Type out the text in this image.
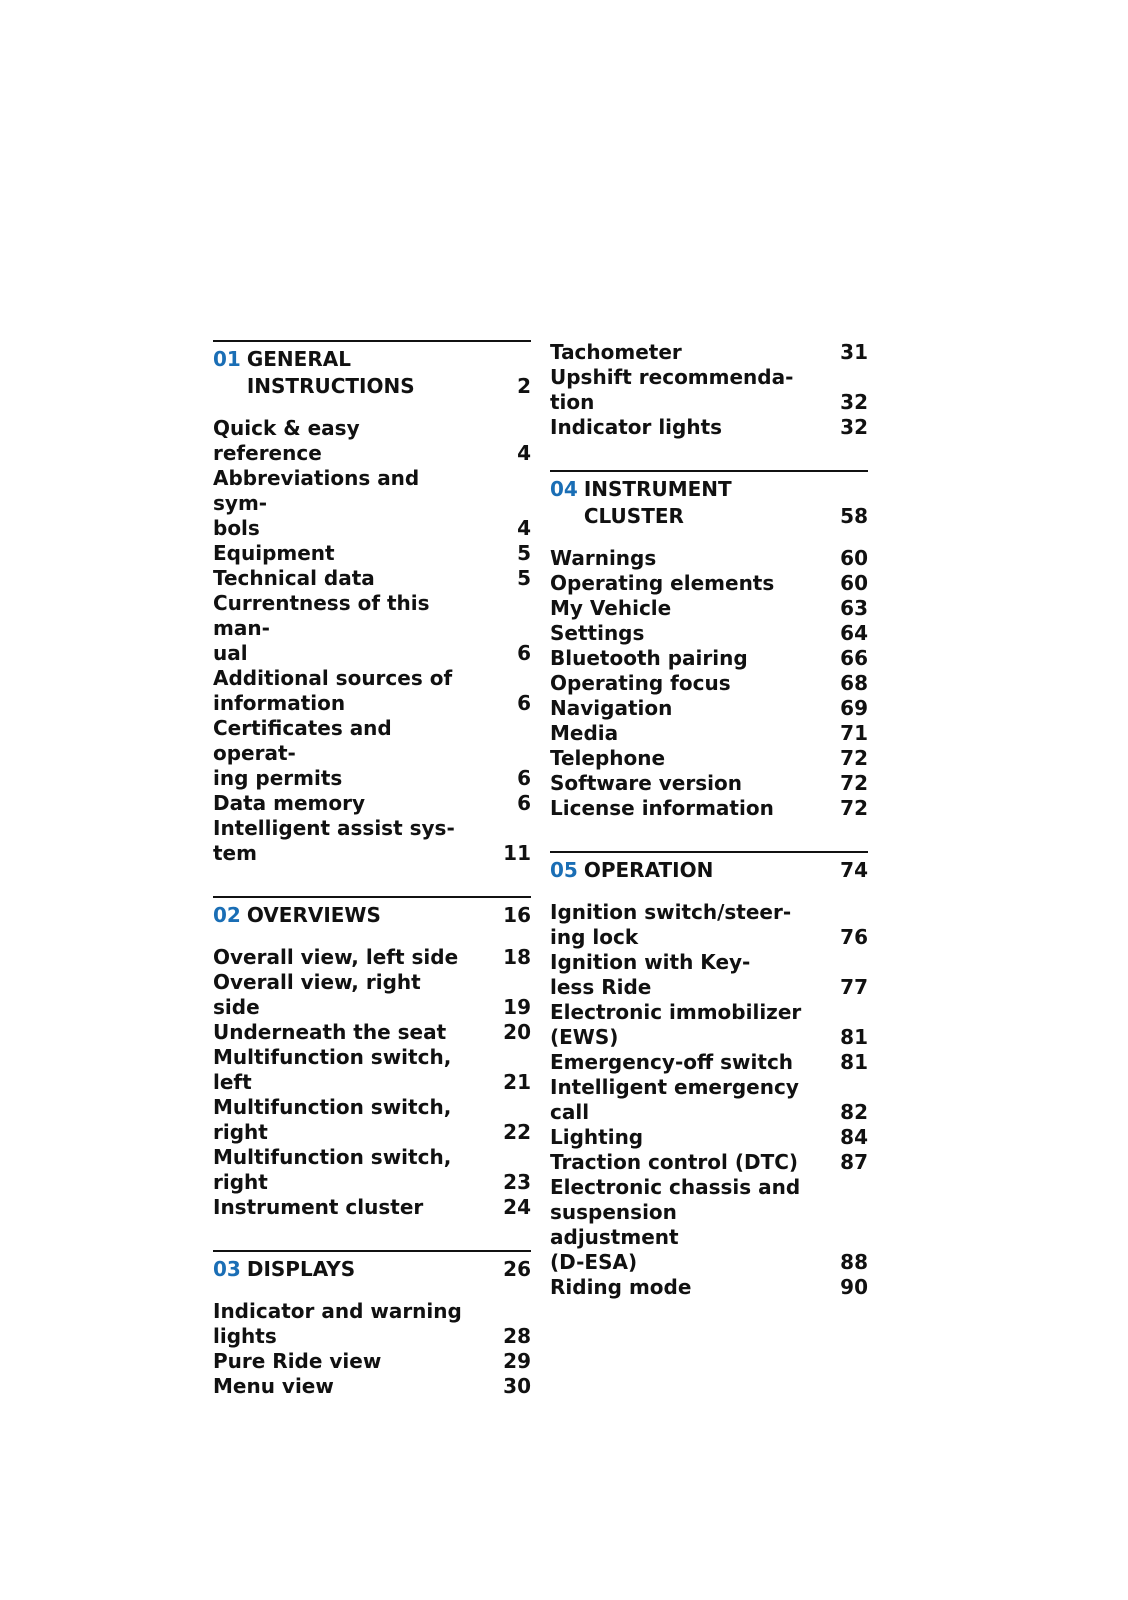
01 GENERAL
INSTRUCTIONS	2
Quick & easy reference	4
Abbreviations and sym-
bols	4
Equipment	5
Technical data	5
Currentness of this man-
ual	6
Additional sources of
information	6
Certificates and operat-
ing permits	6
Data memory	6
Intelligent assist sys-
tem	11
02 OVERVIEWS	16
Overall view, left side	18
Overall view, right side	19
Underneath the seat	20
Multifunction switch,
left	21
Multifunction switch,
right	22
Multifunction switch,
right	23
Instrument cluster	24
03 DISPLAYS	26
Indicator and warning
lights	28
Pure Ride view	29
Menu view	30
Tachometer	31
Upshift recommenda-
tion	32
Indicator lights	32
04 INSTRUMENT
CLUSTER	58
Warnings	60
Operating elements	60
My Vehicle	63
Settings	64
Bluetooth pairing	66
Operating focus	68
Navigation	69
Media	71
Telephone	72
Software version	72
License information	72
05 OPERATION	74
Ignition switch/steer-
ing lock	76
Ignition with Key-
less Ride	77
Electronic immobilizer
(EWS)	81
Emergency-off switch	81
Intelligent emergency
call	82
Lighting	84
Traction control (DTC)	87
Electronic chassis and
suspension adjustment
(D-ESA)	88
Riding mode	90
